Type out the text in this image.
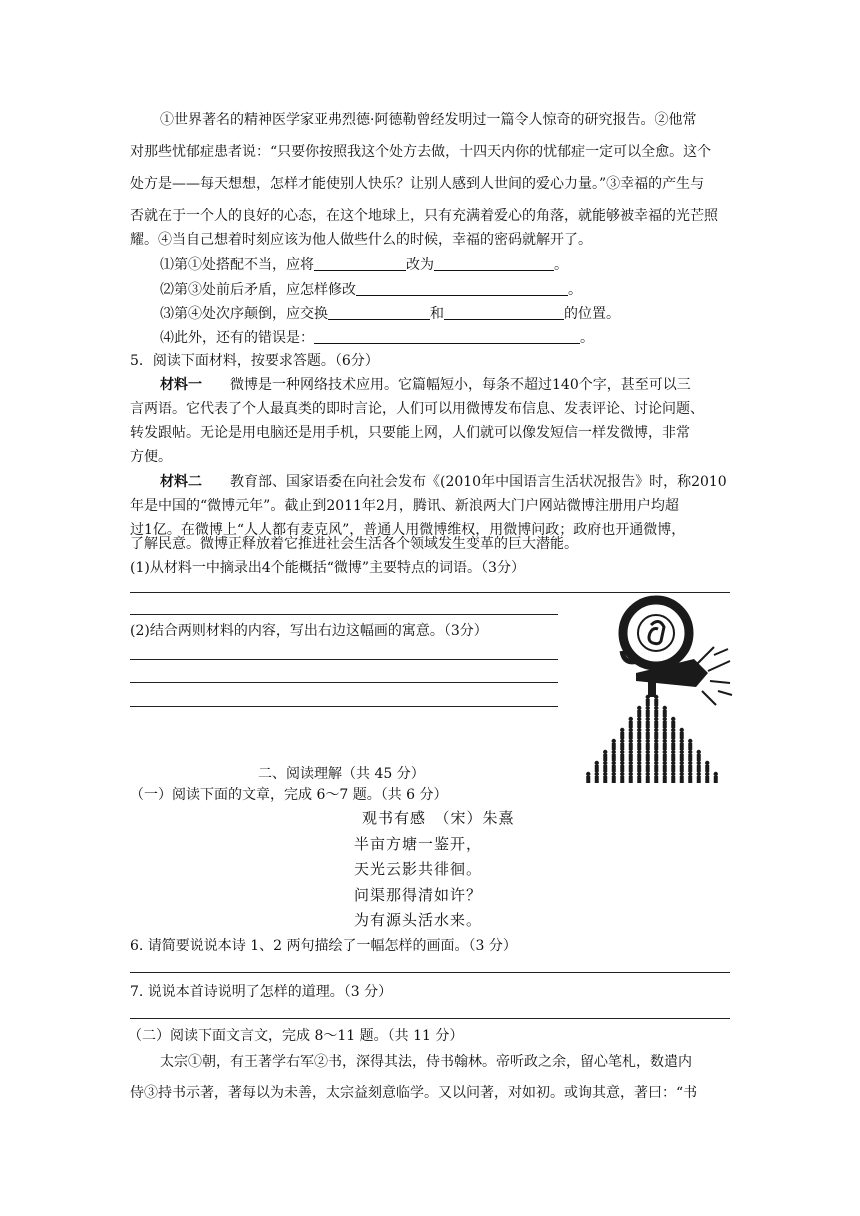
①世界著名的精神医学家亚弗烈德·阿德勒曾经发明过一篇令人惊奇的研究报告。②他常
对那些忧郁症患者说：“只要你按照我这个处方去做，十四天内你的忧郁症一定可以全愈。这个
处方是——每天想想，怎样才能使别人快乐？让别人感到人世间的爱心力量。”③幸福的产生与
否就在于一个人的良好的心态，在这个地球上，只有充满着爱心的角落，就能够被幸福的光芒照
耀。④当自己想着时刻应该为他人做些什么的时候，幸福的密码就解开了。
⑴第①处搭配不当，应将	改为	。
⑵第③处前后矛盾，应怎样修改	。
⑶第④处次序颠倒，应交换	和	的位置。
⑷此外，还有的错误是：	。
5．阅读下面材料，按要求答题。（6分）
材料一 微博是一种网络技术应用。它篇幅短小，每条不超过140个字，甚至可以三
言两语。它代表了个人最真类的即时言论，人们可以用微博发布信息、发表评论、讨论问题、
转发跟帖。无论是用电脑还是用手机，只要能上网，人们就可以像发短信一样发微博，非常
方便。
材料二 教育部、国家语委在向社会发布《(2010年中国语言生活状况报告》时，称2010
年是中国的“微博元年”。截止到2011年2月，腾讯、新浪两大门户网站微博注册用户均超
过1亿。在微博上“人人都有麦克风”，普通人用微博维权，用微博问政；政府也开通微博，
了解民意。微博正释放着它推进社会生活各个领域发生变革的巨大潜能。
(1)从材料一中摘录出4个能概括“微博”主要特点的词语。（3分）
(2)结合两则材料的内容，写出右边这幅画的寓意。（3分）
二、阅读理解（共 45 分）
（一）阅读下面的文章，完成 6～7 题。（共 6 分）
观书有感　（宋）朱熹
半亩方塘一鉴开，
天光云影共徘徊。
问渠那得清如许？
为有源头活水来。
6. 请简要说说本诗 1、2 两句描绘了一幅怎样的画面。（3 分）
7. 说说本首诗说明了怎样的道理。（3 分）
（二）阅读下面文言文，完成 8～11 题。（共 11 分）
太宗①朝，有王著学右军②书，深得其法，侍书翰林。帝听政之余，留心笔札，数遣内
侍③持书示著，著每以为未善，太宗益刻意临学。又以问著，对如初。或询其意，著曰：“书
